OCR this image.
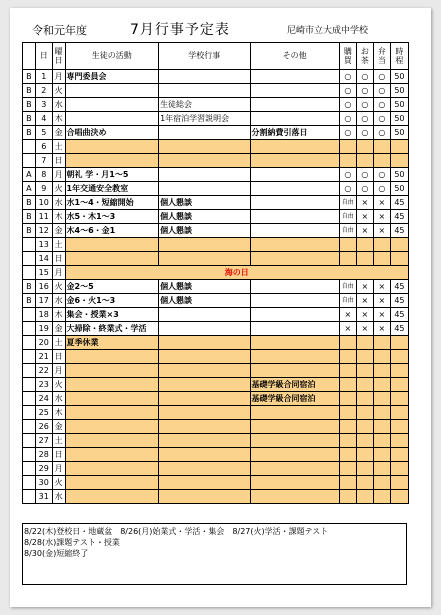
令和元年度	7月行事予定表	尼崎市立大成中学校
	日	曜日	生徒の活動	学校行事	その他	購買	お茶	弁当	時程
B	1	月	専門委員会			○	○	○	50
B	2	火				○	○	○	50
B	3	水		生徒総会		○	○	○	50
B	4	木		1年宿泊学習説明会		○	○	○	50
B	5	金	合唱曲決め		分割納費引落日	○	○	○	50
	6	土							
	7	日							
A	8	月	朝礼 学・月1～5			○	○	○	50
A	9	火	1年交通安全教室			○	○	○	50
B	10	水	水1～4・短縮開始	個人懇談		自由	×	×	45
B	11	木	水5・木1～3	個人懇談		自由	×	×	45
B	12	金	木4～6・金1	個人懇談		自由	×	×	45
	13	土							
	14	日							
	15	月	海の日						
B	16	火	金2～5	個人懇談		自由	×	×	45
B	17	水	金6・火1～3	個人懇談		自由	×	×	45
	18	木	集会・授業×3			×	×	×	45
	19	金	大掃除・終業式・学活			×	×	×	45
	20	土	夏季休業						
	21	日							
	22	月							
	23	火			基礎学級合同宿泊				
	24	水			基礎学級合同宿泊				
	25	木							
	26	金							
	27	土							
	28	日							
	29	月							
	30	火							
	31	水							
8/22(木)登校日・地蔵盆　8/26(月)始業式・学活・集会　8/27(火)学活・課題テスト
8/28(水)課題テスト・授業
8/30(金)短縮終了
